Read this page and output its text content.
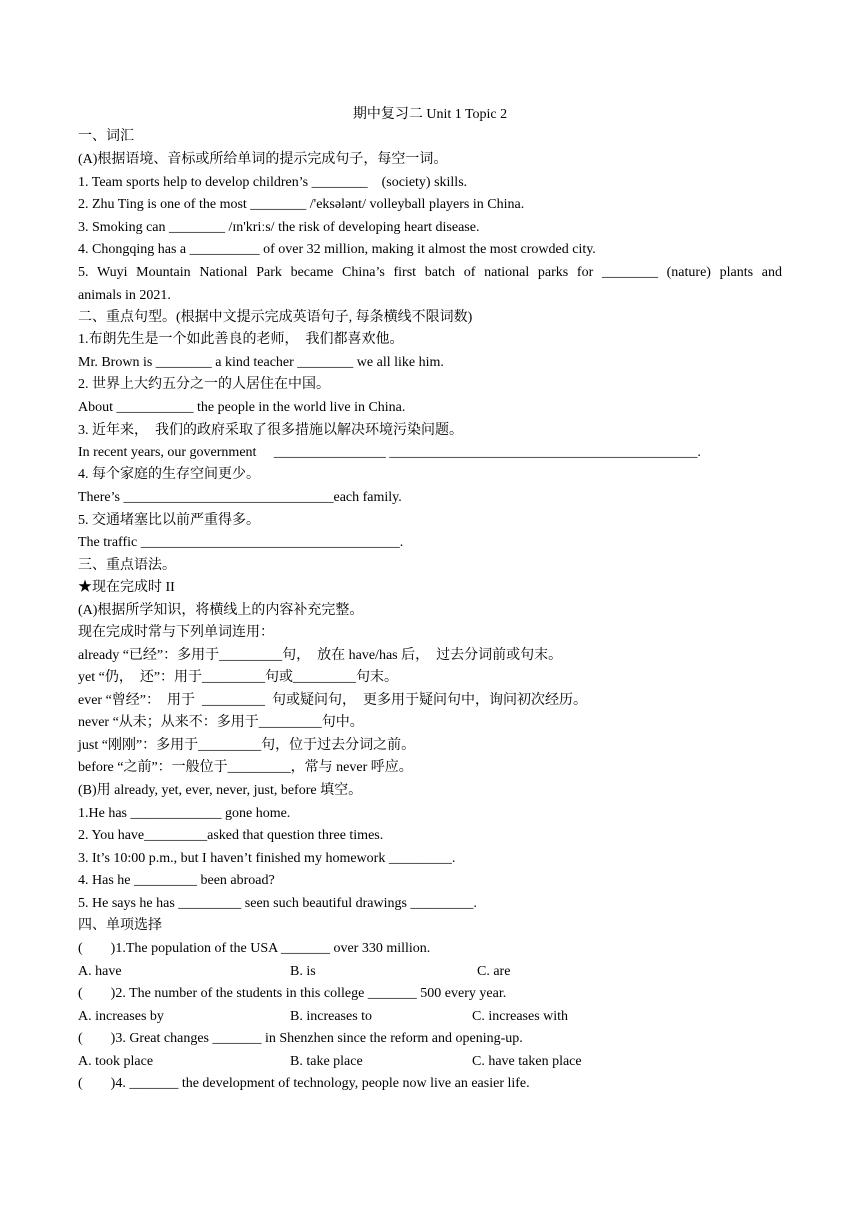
期中复习二 Unit 1 Topic 2
一、词汇
(A)根据语境、音标或所给单词的提示完成句子，每空一词。
1. Team sports help to develop children’s ________    (society) skills.
2. Zhu Ting is one of the most ________ /'eksələnt/ volleyball players in China.
3. Smoking can ________ /ɪn'kriːs/ the risk of developing heart disease.
4. Chongqing has a __________ of over 32 million, making it almost the most crowded city.
5. Wuyi Mountain National Park became China’s first batch of national parks for ________ (nature) plants and
animals in 2021.
二、重点句型。(根据中文提示完成英语句子, 每条横线不限词数)
1.布朗先生是一个如此善良的老师，  我们都喜欢他。
Mr. Brown is ________ a kind teacher ________ we all like him.
2. 世界上大约五分之一的人居住在中国。
About ___________ the people in the world live in China.
3. 近年来，  我们的政府采取了很多措施以解决环境污染问题。
In recent years, our government     ________________ ____________________________________________.
4. 每个家庭的生存空间更少。
There’s ______________________________each family.
5. 交通堵塞比以前严重得多。
The traffic _____________________________________.
三、重点语法。
★现在完成时 II
(A)根据所学知识，将横线上的内容补充完整。
现在完成时常与下列单词连用：
already “已经”：多用于_________句，  放在 have/has 后，  过去分词前或句末。
yet “仍，  还”：用于_________句或_________句末。
ever “曾经”：  用于  _________  句或疑问句，  更多用于疑问句中，询问初次经历。
never “从未；从来不：多用于_________句中。
just “刚刚”：多用于_________句，位于过去分词之前。
before “之前”：一般位于_________，常与 never 呼应。
(B)用 already, yet, ever, never, just, before 填空。
1.He has _____________ gone home.
2. You have_________asked that question three times.
3. It’s 10:00 p.m., but I haven’t finished my homework _________.
4. Has he _________ been abroad?
5. He says he has _________ seen such beautiful drawings _________.
四、单项选择
(        )1.The population of the USA _______ over 330 million.
A. have	B. is	C. are
(        )2. The number of the students in this college _______ 500 every year.
A. increases by	B. increases to	C. increases with
(        )3. Great changes _______ in Shenzhen since the reform and opening-up.
A. took place	B. take place	C. have taken place
(        )4. _______ the development of technology, people now live an easier life.
